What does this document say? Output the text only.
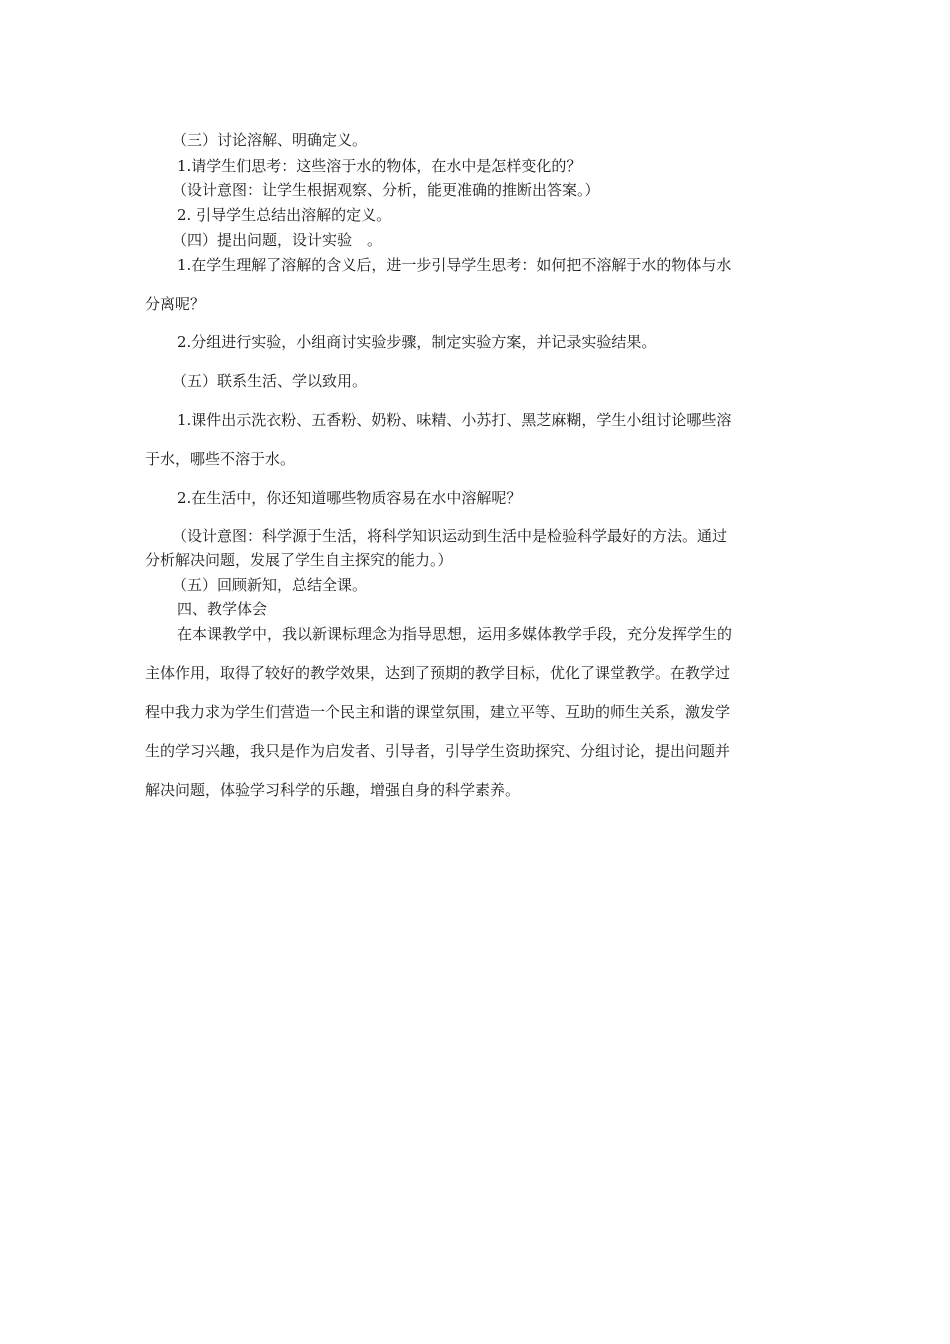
（三）讨论溶解、明确定义。
1.请学生们思考：这些溶于水的物体，在水中是怎样变化的？
（设计意图：让学生根据观察、分析，能更准确的推断出答案。）
2. 引导学生总结出溶解的定义。
（四）提出问题，设计实验　。
1.在学生理解了溶解的含义后，进一步引导学生思考：如何把不溶解于水的物体与水
分离呢？
2.分组进行实验，小组商讨实验步骤，制定实验方案，并记录实验结果。
（五）联系生活、学以致用。
1.课件出示洗衣粉、五香粉、奶粉、味精、小苏打、黑芝麻糊，学生小组讨论哪些溶
于水，哪些不溶于水。
2.在生活中，你还知道哪些物质容易在水中溶解呢？
（设计意图：科学源于生活，将科学知识运动到生活中是检验科学最好的方法。通过
分析解决问题，发展了学生自主探究的能力。）
（五）回顾新知，总结全课。
四、教学体会
在本课教学中，我以新课标理念为指导思想，运用多媒体教学手段，充分发挥学生的
主体作用，取得了较好的教学效果，达到了预期的教学目标，优化了课堂教学。在教学过
程中我力求为学生们营造一个民主和谐的课堂氛围，建立平等、互助的师生关系，激发学
生的学习兴趣，我只是作为启发者、引导者，引导学生资助探究、分组讨论，提出问题并
解决问题，体验学习科学的乐趣，增强自身的科学素养。
